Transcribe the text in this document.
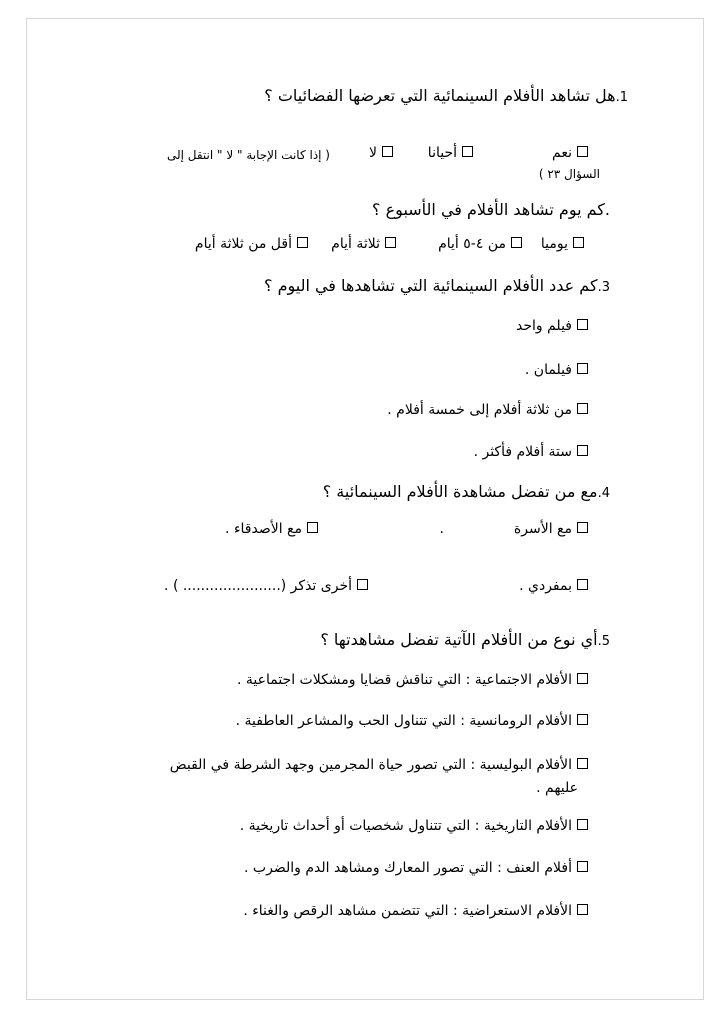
1.هل تشاهد الأفلام السينمائية التي تعرضها الفضائيات ؟
نعم
أحيانا
لا
( إذا كانت الإجابة " لا " انتقل إلى
السؤال ٢٣ )
.كم يوم تشاهد الأفلام في الأسبوع ؟
يوميا
من ٤-٥ أيام
ثلاثة أيام
أقل من ثلاثة أيام
3.كم عدد الأفلام السينمائية التي تشاهدها في اليوم ؟
فيلم واحد
فيلمان .
من ثلاثة أفلام إلى خمسة أفلام .
ستة أفلام فأكثر .
4.مع من تفضل مشاهدة الأفلام السينمائية ؟
مع الأسرة
.
مع الأصدقاء .
بمفردي .
أخرى تذكر (...................... ) .
5.أي نوع من الأفلام الآتية تفضل مشاهدتها ؟
الأفلام الاجتماعية : التي تناقش قضايا ومشكلات اجتماعية .
الأفلام الرومانسية : التي تتناول الحب والمشاعر العاطفية .
الأفلام البوليسية : التي تصور حياة المجرمين وجهد الشرطة في القبض
عليهم .
الأفلام التاريخية : التي تتناول شخصيات أو أحداث تاريخية .
أفلام العنف : التي تصور المعارك ومشاهد الدم والضرب .
الأفلام الاستعراضية : التي تتضمن مشاهد الرقص والغناء .
